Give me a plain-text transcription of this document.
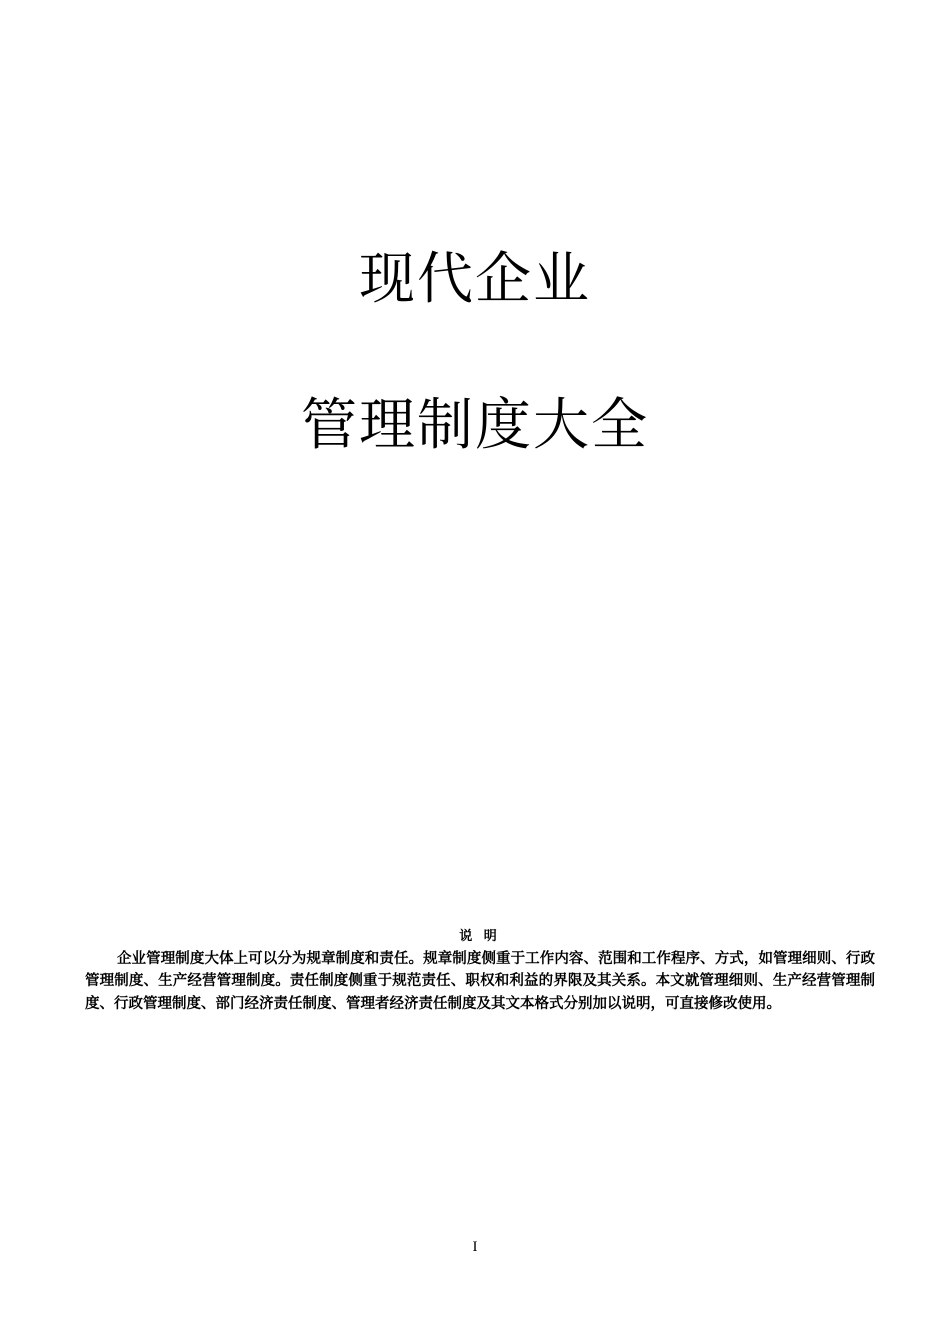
现代企业
管理制度大全
说 明
企业管理制度大体上可以分为规章制度和责任。规章制度侧重于工作内容、范围和工作程序、方式，如管理细则、行政管理制度、生产经营管理制度。责任制度侧重于规范责任、职权和利益的界限及其关系。本文就管理细则、生产经营管理制度、行政管理制度、部门经济责任制度、管理者经济责任制度及其文本格式分别加以说明，可直接修改使用。
I
